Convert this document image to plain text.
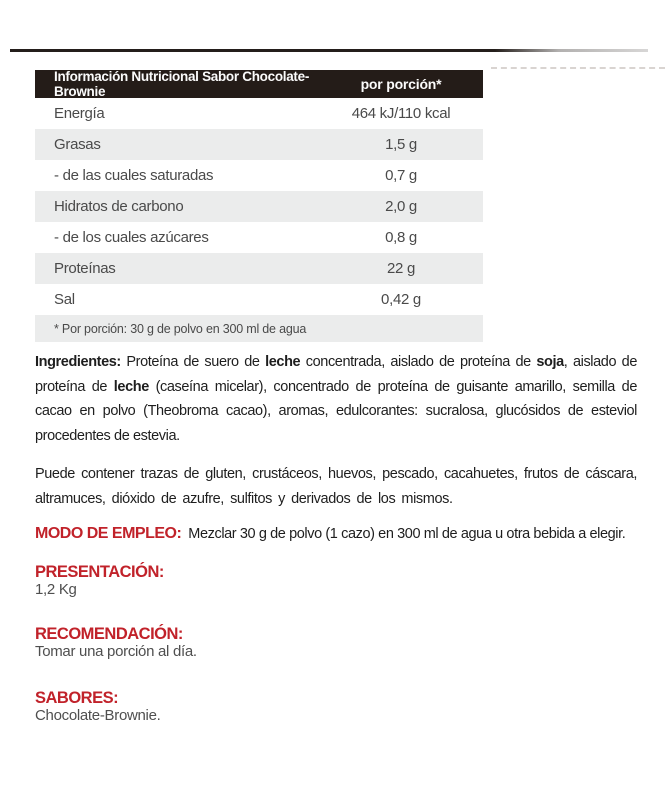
Información Nutricional Sabor Chocolate-Brownie	por porción*
Energía	464 kJ/110 kcal
Grasas	1,5 g
- de las cuales saturadas	0,7 g
Hidratos de carbono	2,0 g
- de los cuales azúcares	0,8 g
Proteínas	22 g
Sal	0,42 g
* Por porción: 30 g de polvo en 300 ml de agua

Ingredientes: Proteína de suero de leche concentrada, aislado de proteína de soja, aislado de proteína de leche (caseína micelar), concentrado de proteína de guisante amarillo, semilla de cacao en polvo (Theobroma cacao), aromas, edulcorantes: sucralosa, glucósidos de esteviol procedentes de estevia.

Puede contener trazas de gluten, crustáceos, huevos, pescado, cacahuetes, frutos de cáscara, altramuces, dióxido de azufre, sulfitos y derivados de los mismos.

MODO DE EMPLEO: Mezclar 30 g de polvo (1 cazo) en 300 ml de agua u otra bebida a elegir.

PRESENTACIÓN:

1,2 Kg

RECOMENDACIÓN:

Tomar una porción al día.

SABORES:

Chocolate-Brownie.
